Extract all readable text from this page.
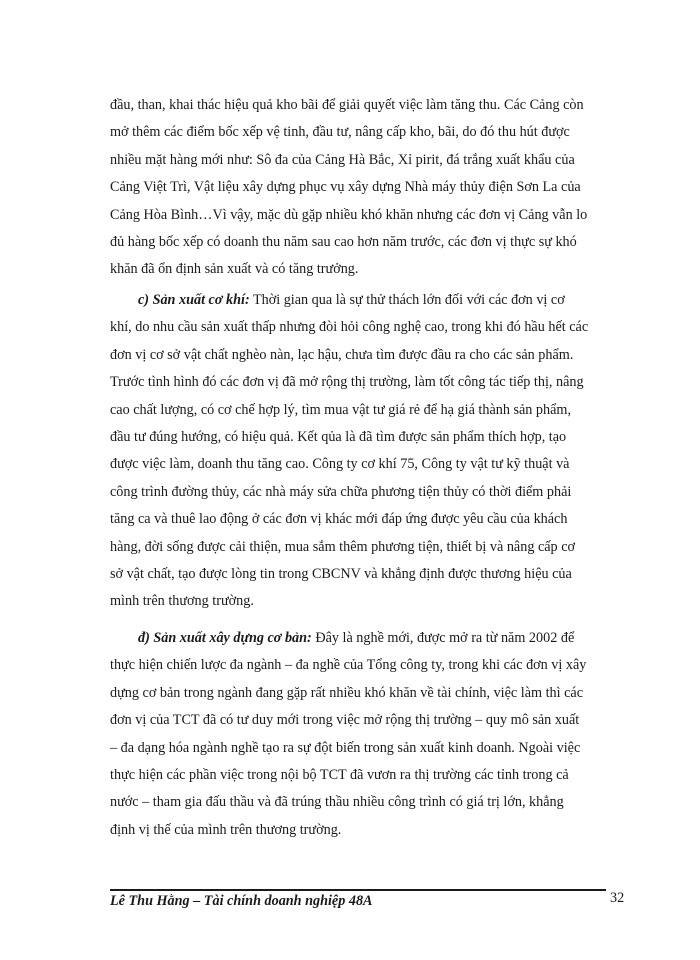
đầu, than, khai thác hiệu quả kho bãi để giải quyết việc làm tăng thu. Các Cảng còn
mở thêm các điểm bốc xếp vệ tinh, đầu tư, nâng cấp kho, bãi, do đó thu hút được
nhiều mặt hàng mới như: Sô đa của Cảng Hà Bắc, Xỉ pirit, đá trắng xuất khẩu của
Cảng Việt Trì, Vật liệu xây dựng phục vụ xây dựng Nhà máy thủy điện Sơn La của
Cảng Hòa Bình…Vì vậy, mặc dù gặp nhiều khó khăn nhưng các đơn vị Cảng vẫn lo
đủ hàng bốc xếp có doanh thu năm sau cao hơn năm trước, các đơn vị thực sự khó
khăn đã ổn định sản xuất và có tăng trưởng.
c) Sản xuất cơ khí: Thời gian qua là sự thử thách lớn đối với các đơn vị cơ
khí, do nhu cầu sản xuất thấp nhưng đòi hỏi công nghệ cao, trong khi đó hầu hết các
đơn vị cơ sở vật chất nghèo nàn, lạc hậu, chưa tìm được đầu ra cho các sản phẩm.
Trước tình hình đó các đơn vị đã mở rộng thị trường, làm tốt công tác tiếp thị, nâng
cao chất lượng, có cơ chế hợp lý, tìm mua vật tư giá rẻ để hạ giá thành sản phẩm,
đầu tư đúng hướng, có hiệu quả. Kết qủa là đã tìm được sản phẩm thích hợp, tạo
được việc làm, doanh thu tăng cao. Công ty cơ khí 75, Công ty vật tư kỹ thuật và
công trình đường thủy, các nhà máy sửa chữa phương tiện thủy có thời điểm phải
tăng ca và thuê lao động ở các đơn vị khác mới đáp ứng được yêu cầu của khách
hàng, đời sống được cải thiện, mua sắm thêm phương tiện, thiết bị và nâng cấp cơ
sở vật chất, tạo được lòng tin trong CBCNV và khẳng định được thương hiệu của
mình trên thương trường.
đ) Sản xuất xây dựng cơ bản: Đây là nghề mới, được mở ra từ năm 2002 để
thực hiện chiến lược đa ngành – đa nghề của Tổng công ty, trong khi các đơn vị xây
dựng cơ bản trong ngành đang gặp rất nhiều khó khăn về tài chính, việc làm thì các
đơn vị của TCT đã có tư duy mới trong việc mở rộng thị trường – quy mô sản xuất
– đa dạng hóa ngành nghề tạo ra sự đột biến trong sản xuất kinh doanh. Ngoài việc
thực hiện các phần việc trong nội bộ TCT đã vươn ra thị trường các tỉnh trong cả
nước – tham gia đấu thầu và đã trúng thầu nhiều công trình có giá trị lớn, khẳng
định vị thế của mình trên thương trường.
Lê Thu Hằng – Tài chính doanh nghiệp 48A	32
